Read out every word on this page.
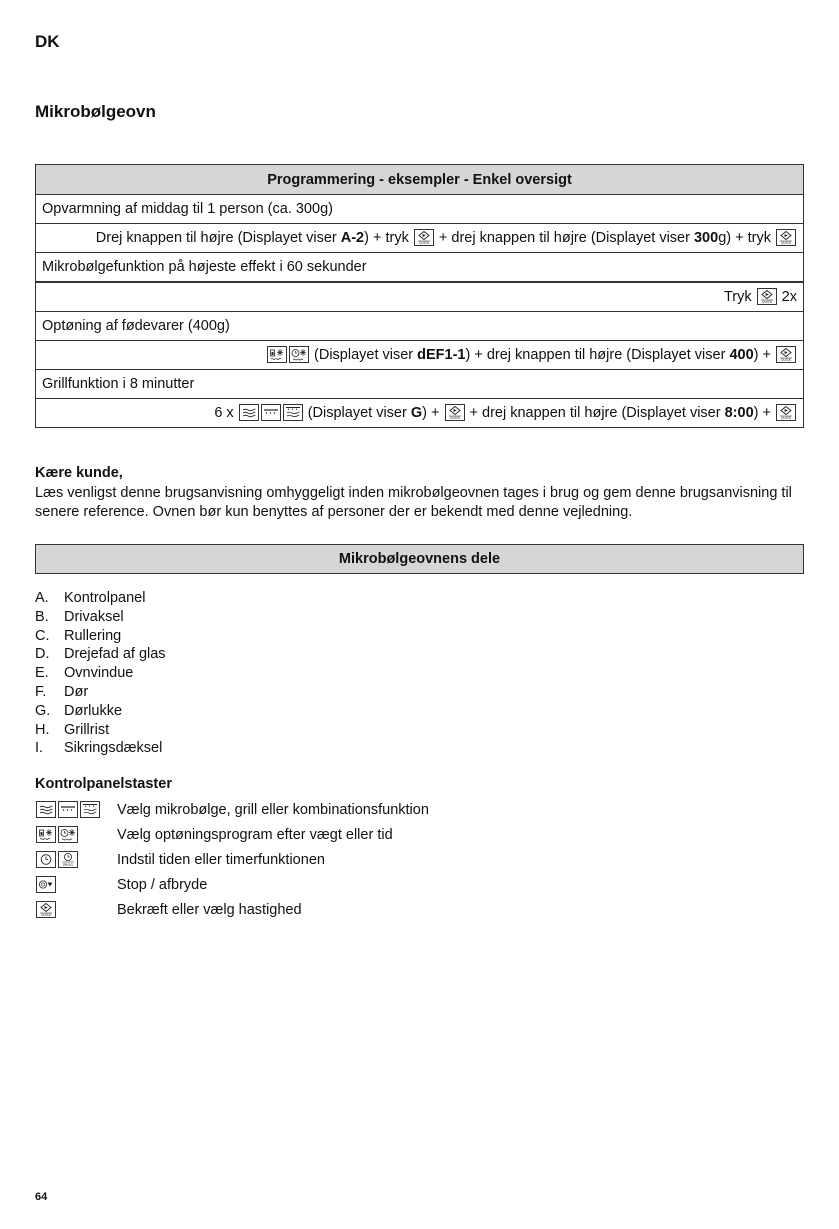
DK
Mikrobølgeovn
Programmering - eksempler - Enkel oversigt
Opvarmning af middag til 1 person (ca. 300g)
Drej knappen til højre (Displayet viser A-2) + tryk
+ drej knappen til højre (Displayet viser 300g) + tryk

Mikrobølgefunktion på højeste effekt i 60 sekunder
Tryk
2x
Optøning af fødevarer (400g)

(Displayet viser dEF1-1) + drej knappen til højre (Displayet viser 400) +

Grillfunktion i 8 minutter
6 x	(Displayet viser G) +
+ drej knappen til højre (Displayet viser 8:00) +
Kære kunde,
Læs venligst denne brugsanvisning omhyggeligt inden mikrobølgeovnen tages i brug og gem denne brugsanvisning til senere reference. Ovnen bør kun benyttes af personer der er bekendt med denne vejledning.
Mikrobølgeovnens dele
A. Kontrolpanel
B. Drivaksel
C. Rullering
D. Drejefad af glas
E. Ovnvindue
F. Dør
G. Dørlukke
H. Grillrist
I. Sikringsdæksel
Kontrolpanelstaster
Vælg mikrobølge, grill eller kombinationsfunktion
Vælg optøningsprogram efter vægt eller tid
Indstil tiden eller timerfunktionen
Stop / afbryde
Bekræft eller vælg hastighed
64
